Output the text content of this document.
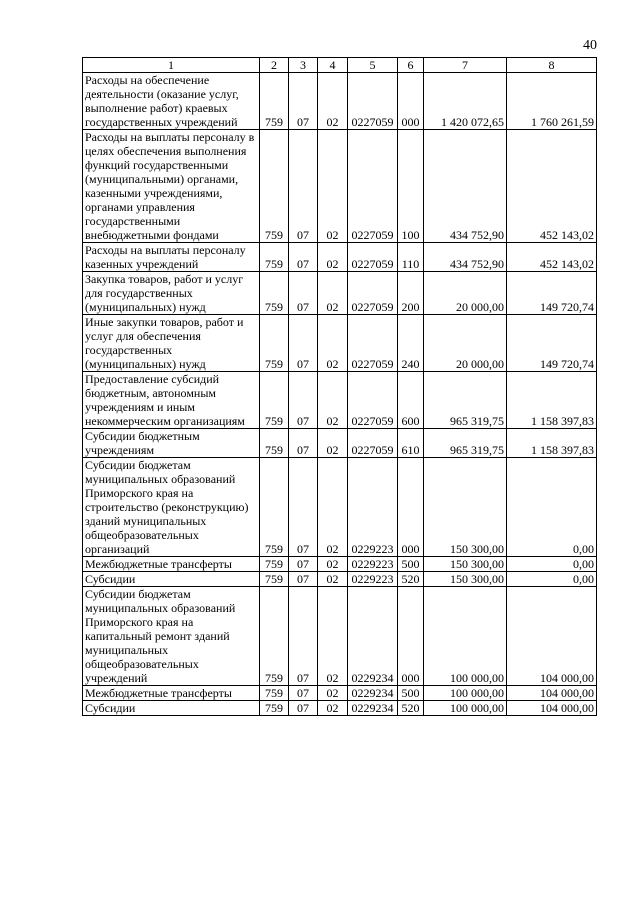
40
1	2	3	4	5	6	7	8
Расходы на обеспечение деятельности (оказание услуг, выполнение работ) краевых государственных учреждений	759	07	02	0227059	000	1 420 072,65	1 760 261,59
Расходы на выплаты персоналу в целях обеспечения выполнения функций государственными (муниципальными) органами, казенными учреждениями, органами управления государственными внебюджетными фондами	759	07	02	0227059	100	434 752,90	452 143,02
Расходы на выплаты персоналу казенных учреждений	759	07	02	0227059	110	434 752,90	452 143,02
Закупка товаров, работ и услуг для государственных (муниципальных) нужд	759	07	02	0227059	200	20 000,00	149 720,74
Иные закупки товаров, работ и услуг для обеспечения государственных (муниципальных) нужд	759	07	02	0227059	240	20 000,00	149 720,74
Предоставление субсидий бюджетным, автономным учреждениям и иным некоммерческим организациям	759	07	02	0227059	600	965 319,75	1 158 397,83
Субсидии бюджетным учреждениям	759	07	02	0227059	610	965 319,75	1 158 397,83
Субсидии бюджетам муниципальных образований Приморского края на строительство (реконструкцию) зданий муниципальных общеобразовательных организаций	759	07	02	0229223	000	150 300,00	0,00
Межбюджетные трансферты	759	07	02	0229223	500	150 300,00	0,00
Субсидии	759	07	02	0229223	520	150 300,00	0,00
Субсидии бюджетам муниципальных образований Приморского края на капитальный ремонт зданий муниципальных общеобразовательных учреждений	759	07	02	0229234	000	100 000,00	104 000,00
Межбюджетные трансферты	759	07	02	0229234	500	100 000,00	104 000,00
Субсидии	759	07	02	0229234	520	100 000,00	104 000,00
